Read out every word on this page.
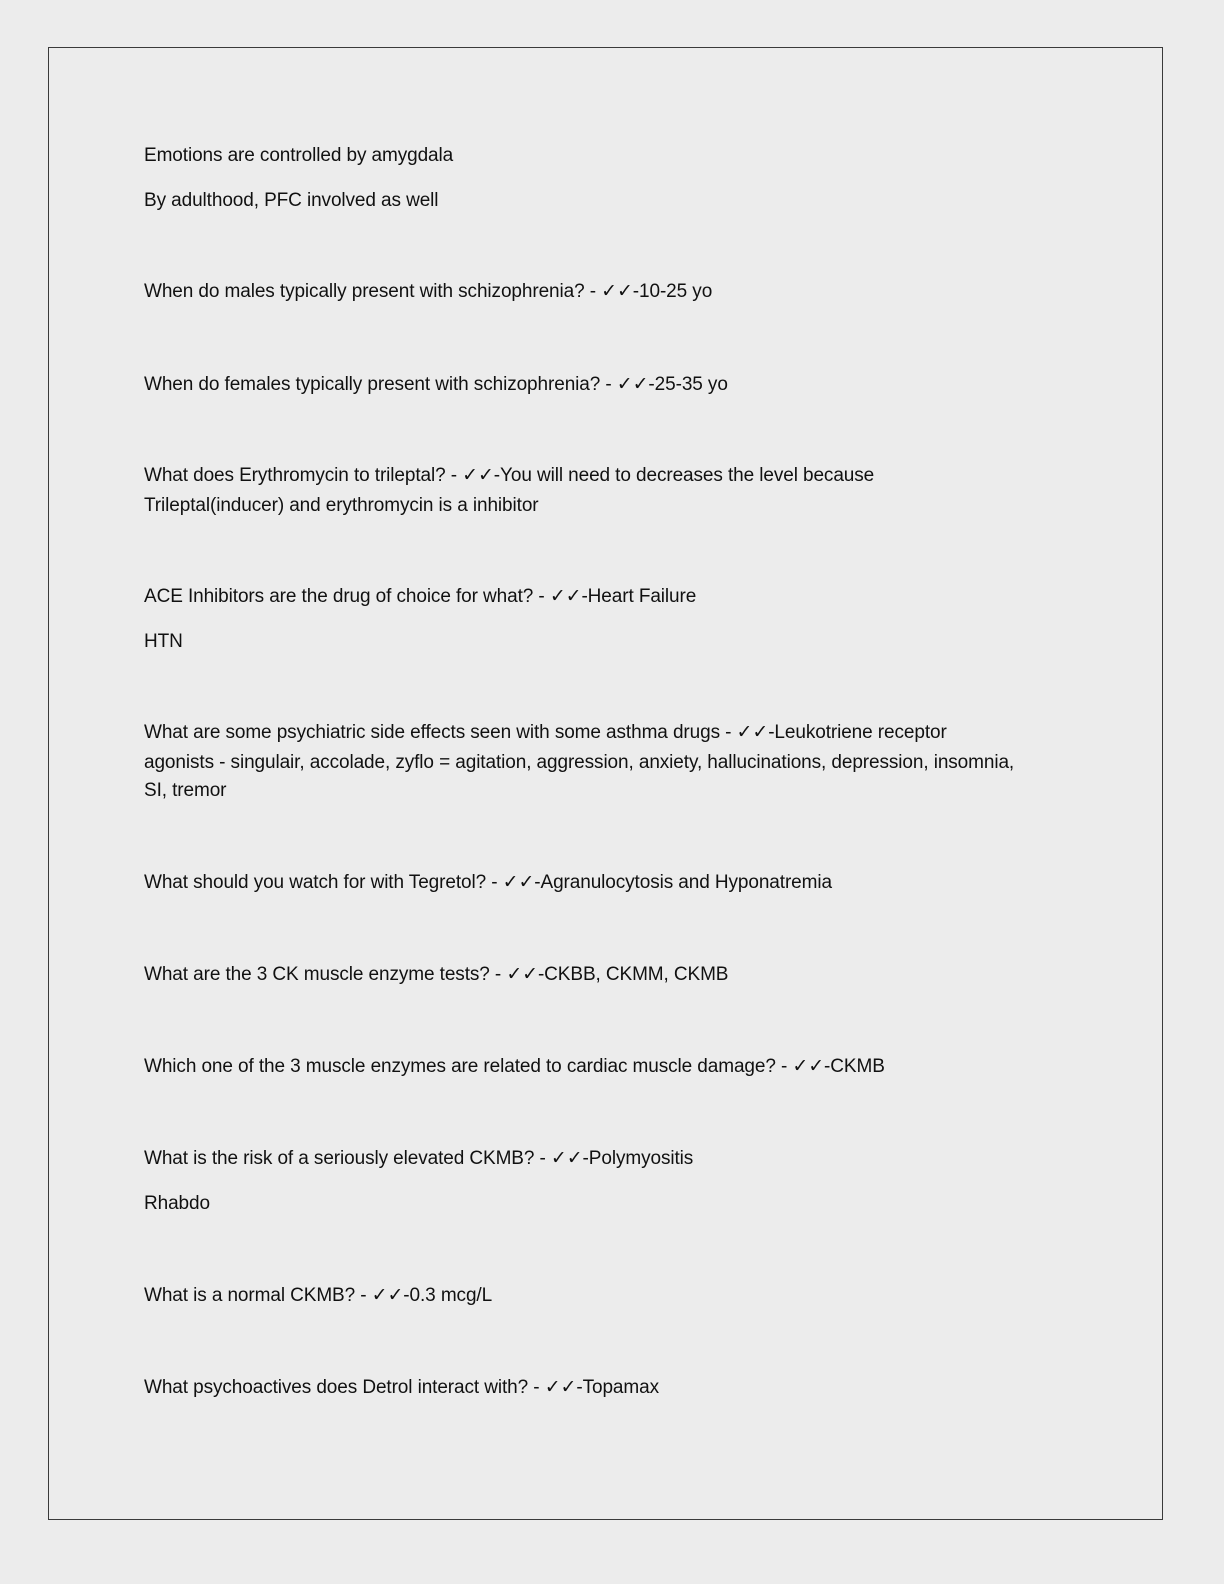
Emotions are controlled by amygdala
By adulthood, PFC involved as well
When do males typically present with schizophrenia? - ✓✓-10-25 yo
When do females typically present with schizophrenia? - ✓✓-25-35 yo
What does Erythromycin to trileptal? - ✓✓-You will need to decreases the level because
Trileptal(inducer) and erythromycin is a inhibitor
ACE Inhibitors are the drug of choice for what? - ✓✓-Heart Failure
HTN
What are some psychiatric side effects seen with some asthma drugs - ✓✓-Leukotriene receptor
agonists - singulair, accolade, zyflo = agitation, aggression, anxiety, hallucinations, depression, insomnia,
SI, tremor
What should you watch for with Tegretol? - ✓✓-Agranulocytosis and Hyponatremia
What are the 3 CK muscle enzyme tests? - ✓✓-CKBB, CKMM, CKMB
Which one of the 3 muscle enzymes are related to cardiac muscle damage? - ✓✓-CKMB
What is the risk of a seriously elevated CKMB? - ✓✓-Polymyositis
Rhabdo
What is a normal CKMB? - ✓✓-0.3 mcg/L
What psychoactives does Detrol interact with? - ✓✓-Topamax
